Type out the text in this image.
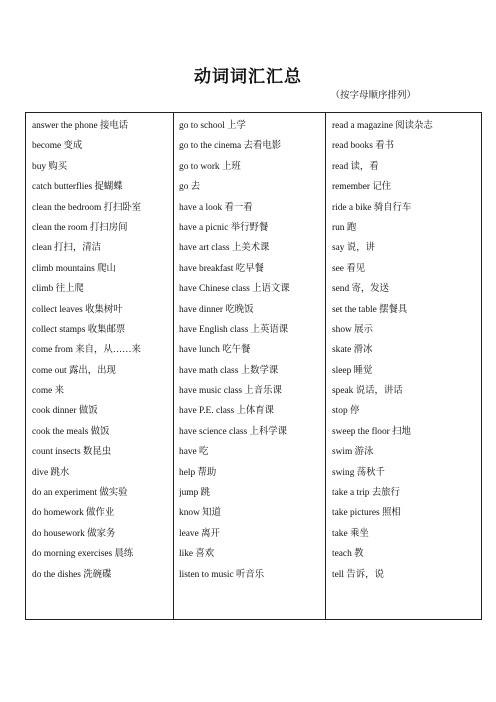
动词词汇汇总

（按字母顺序排列）

answer the phone 接电话
become 变成
buy 购买
catch butterflies 捉蝴蝶
clean the bedroom 打扫卧室
clean the room 打扫房间
clean 打扫，清洁
climb mountains 爬山
climb 往上爬
collect leaves 收集树叶
collect stamps 收集邮票
come from 来自，从……来
come out 露出，出现
come 来
cook dinner 做饭
cook the meals 做饭
count insects 数昆虫
dive 跳水
do an experiment 做实验
do homework 做作业
do housework 做家务
do morning exercises 晨练
do the dishes 洗碗碟
go to school 上学
go to the cinema 去看电影
go to work 上班
go 去
have a look 看一看
have a picnic 举行野餐
have art class 上美术课
have breakfast 吃早餐
have Chinese class 上语文课
have dinner 吃晚饭
have English class 上英语课
have lunch 吃午餐
have math class 上数学课
have music class 上音乐课
have P.E. class 上体育课
have science class 上科学课
have 吃
help 帮助
jump 跳
know 知道
leave 离开
like 喜欢
listen to music 听音乐
read a magazine 阅读杂志
read books 看书
read 读，看
remember 记住
ride a bike 骑自行车
run 跑
say 说，讲
see 看见
send 寄，发送
set the table 摆餐具
show 展示
skate 滑冰
sleep 睡觉
speak 说话，讲话
stop 停
sweep the floor 扫地
swim 游泳
swing 荡秋千
take a trip 去旅行
take pictures 照相
take 乘坐
teach 教
tell 告诉，说
